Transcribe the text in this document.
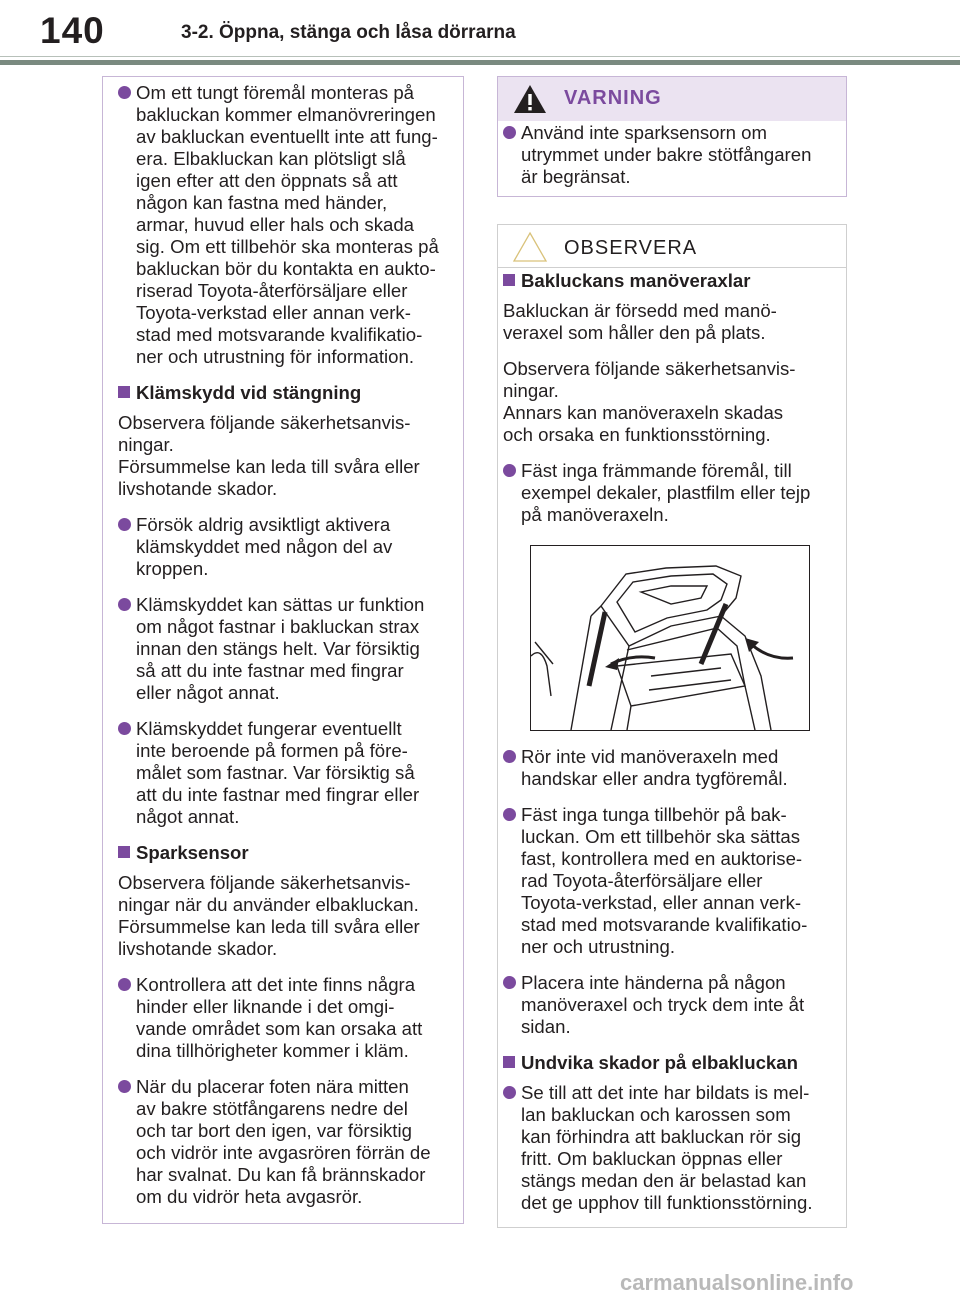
140	3-2. Öppna, stänga och låsa dörrarna
Om ett tungt föremål monteras på
bakluckan kommer elmanövreringen
av bakluckan eventuellt inte att fung-
era. Elbakluckan kan plötsligt slå
igen efter att den öppnats så att
någon kan fastna med händer,
armar, huvud eller hals och skada
sig. Om ett tillbehör ska monteras på
bakluckan bör du kontakta en aukto-
riserad Toyota-återförsäljare eller
Toyota-verkstad eller annan verk-
stad med motsvarande kvalifikatio-
ner och utrustning för information.
Klämskydd vid stängning
Observera följande säkerhetsanvis-
ningar.
Försummelse kan leda till svåra eller
livshotande skador.
Försök aldrig avsiktligt aktivera
klämskyddet med någon del av
kroppen.
Klämskyddet kan sättas ur funktion
om något fastnar i bakluckan strax
innan den stängs helt. Var försiktig
så att du inte fastnar med fingrar
eller något annat.
Klämskyddet fungerar eventuellt
inte beroende på formen på före-
målet som fastnar. Var försiktig så
att du inte fastnar med fingrar eller
något annat.
Sparksensor
Observera följande säkerhetsanvis-
ningar när du använder elbakluckan.
Försummelse kan leda till svåra eller
livshotande skador.
Kontrollera att det inte finns några
hinder eller liknande i det omgi-
vande området som kan orsaka att
dina tillhörigheter kommer i kläm.
När du placerar foten nära mitten
av bakre stötfångarens nedre del
och tar bort den igen, var försiktig
och vidrör inte avgasrören förrän de
har svalnat. Du kan få brännskador
om du vidrör heta avgasrör.
VARNING
Använd inte sparksensorn om
utrymmet under bakre stötfångaren
är begränsat.
OBSERVERA
Bakluckans manöveraxlar
Bakluckan är försedd med manö-
veraxel som håller den på plats.
Observera följande säkerhetsanvis-
ningar.
Annars kan manöveraxeln skadas
och orsaka en funktionsstörning.
Fäst inga främmande föremål, till
exempel dekaler, plastfilm eller tejp
på manöveraxeln.
Rör inte vid manöveraxeln med
handskar eller andra tygföremål.
Fäst inga tunga tillbehör på bak-
luckan. Om ett tillbehör ska sättas
fast, kontrollera med en auktorise-
rad Toyota-återförsäljare eller
Toyota-verkstad, eller annan verk-
stad med motsvarande kvalifikatio-
ner och utrustning.
Placera inte händerna på någon
manöveraxel och tryck dem inte åt
sidan.
Undvika skador på elbakluckan
Se till att det inte har bildats is mel-
lan bakluckan och karossen som
kan förhindra att bakluckan rör sig
fritt. Om bakluckan öppnas eller
stängs medan den är belastad kan
det ge upphov till funktionsstörning.
carmanualsonline.info
